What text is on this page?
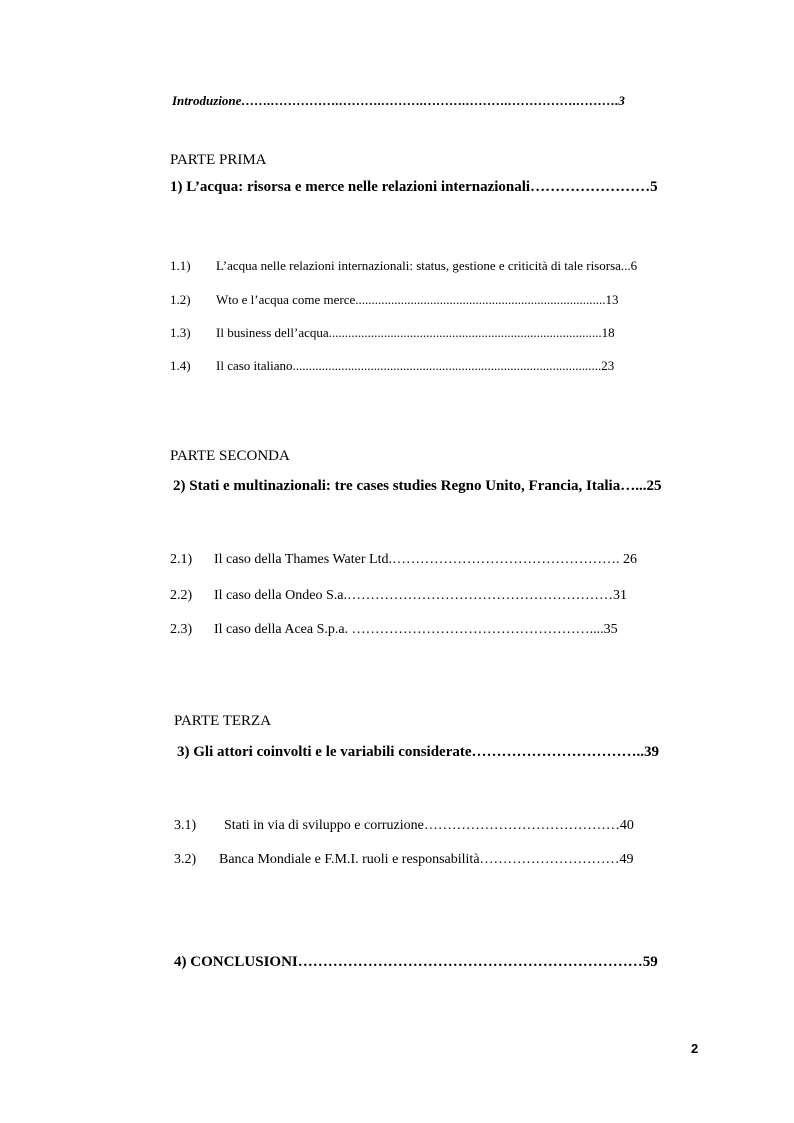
Introduzione…….…………….……….……….……….……….…………….……….3
PARTE PRIMA
1) L’acqua: risorsa e merce nelle relazioni internazionali……………………5
1.1) L’acqua nelle relazioni internazionali: status, gestione e criticità di tale risorsa...6
1.2) Wto e l’acqua come merce.............................................................................13
1.3) Il business dell’acqua....................................................................................18
1.4) Il caso italiano...............................................................................................23
PARTE SECONDA
2) Stati e multinazionali: tre cases studies Regno Unito, Francia, Italia…...25
2.1) Il caso della Thames Water Ltd.…………………………………………. 26
2.2) Il caso della Ondeo S.a.…………………………………………………31
2.3) Il caso della Acea S.p.a. ……………………………………………....35
PARTE TERZA
3) Gli attori coinvolti e le variabili considerate……………………………..39
3.1) Stati in via di sviluppo e corruzione……………………………………40
3.2) Banca Mondiale e F.M.I. ruoli e responsabilità…………………………49
4) CONCLUSIONI……………………………………………………………59
2
